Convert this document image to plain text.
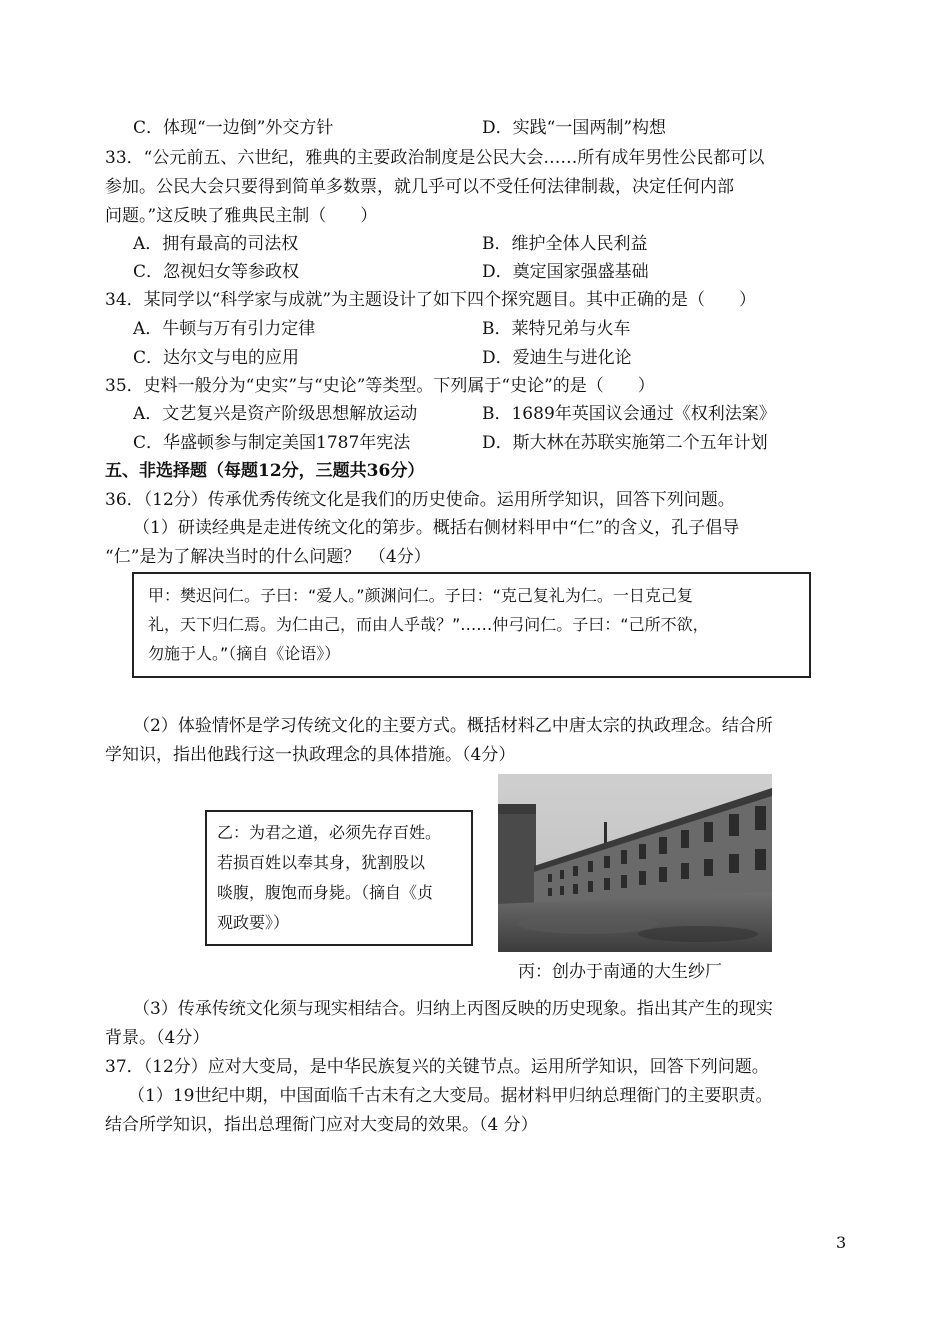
C．体现“一边倒”外交方针	D．实践“一国两制”构想
33．“公元前五、六世纪，雅典的主要政治制度是公民大会……所有成年男性公民都可以
参加。公民大会只要得到简单多数票，就几乎可以不受任何法律制裁，决定任何内部
问题。”这反映了雅典民主制（　　）
A．拥有最高的司法权	B．维护全体人民利益
C．忽视妇女等参政权	D．奠定国家强盛基础
34．某同学以“科学家与成就”为主题设计了如下四个探究题目。其中正确的是（　　）
A．牛顿与万有引力定律	B．莱特兄弟与火车
C．达尔文与电的应用	D．爱迪生与进化论
35．史料一般分为“史实”与“史论”等类型。下列属于“史论”的是（　　）
A．文艺复兴是资产阶级思想解放运动	B．1689年英国议会通过《权利法案》
C．华盛顿参与制定美国1787年宪法	D．斯大林在苏联实施第二个五年计划
五、非选择题（每题12分，三题共36分）
36．（12分）传承优秀传统文化是我们的历史使命。运用所学知识，回答下列问题。
（1）研读经典是走进传统文化的第步。概括右侧材料甲中“仁”的含义，孔子倡导
“仁”是为了解决当时的什么问题？　（4分）
甲：樊迟问仁。子曰：“爱人。”颜渊问仁。子曰：“克己复礼为仁。一日克己复
礼，天下归仁焉。为仁由己，而由人乎哉？”……仲弓问仁。子曰：“己所不欲，
勿施于人。”（摘自《论语》）
（2）体验情怀是学习传统文化的主要方式。概括材料乙中唐太宗的执政理念。结合所
学知识，指出他践行这一执政理念的具体措施。（4分）
乙：为君之道，必须先存百姓。
若损百姓以奉其身，犹割股以
啖腹，腹饱而身毙。（摘自《贞
观政要》）
丙：创办于南通的大生纱厂
（3）传承传统文化须与现实相结合。归纳上丙图反映的历史现象。指出其产生的现实
背景。（4分）
37．（12分）应对大变局，是中华民族复兴的关键节点。运用所学知识，回答下列问题。
（1）19世纪中期，中国面临千古未有之大变局。据材料甲归纳总理衙门的主要职责。
结合所学知识，指出总理衙门应对大变局的效果。（4 分）
3
